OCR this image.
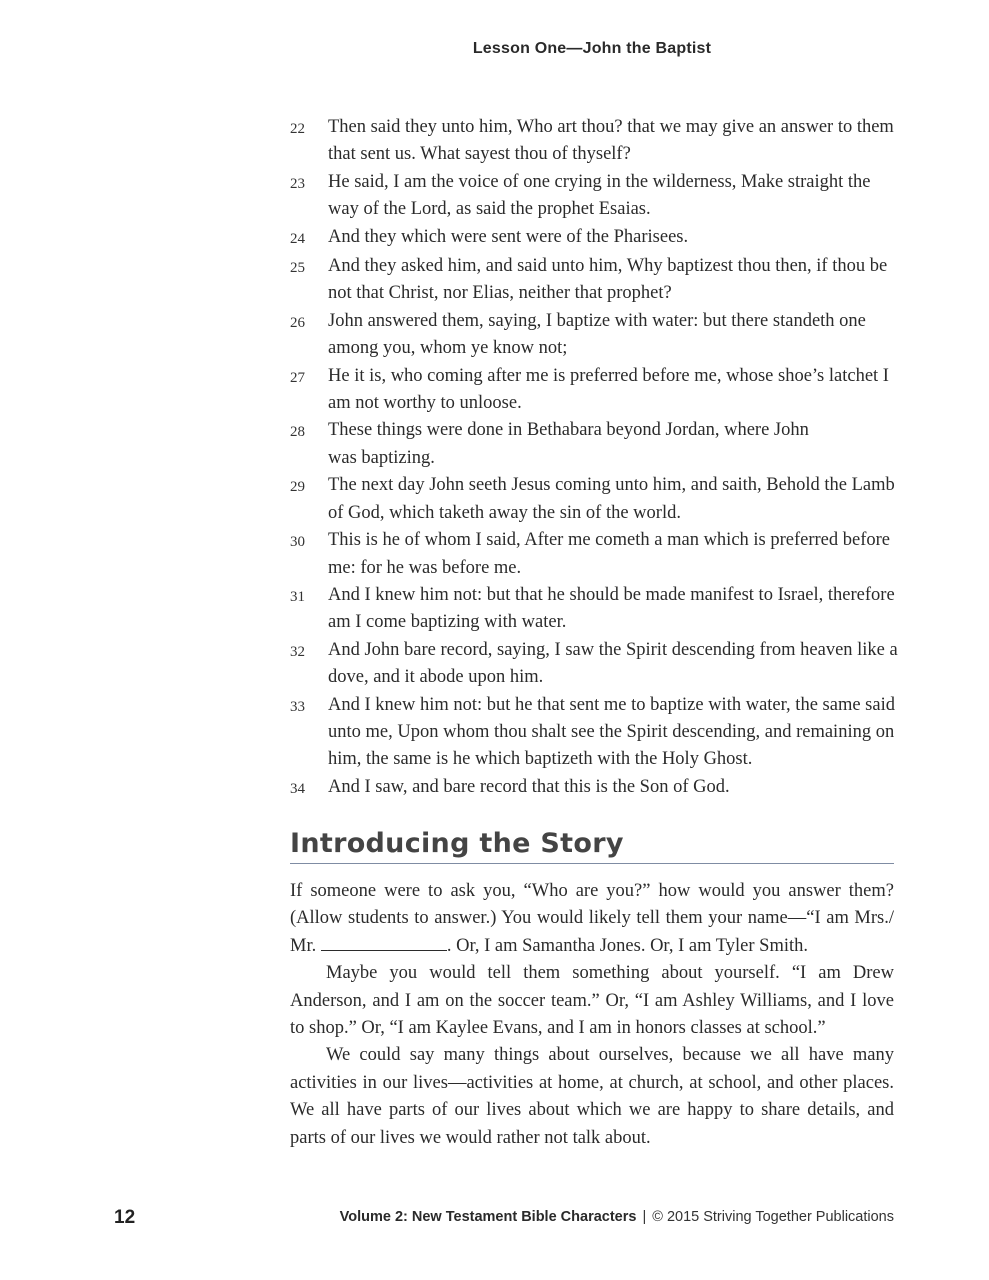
Lesson One—John the Baptist
22	Then said they unto him, Who art thou? that we may give an answer to them that sent us. What sayest thou of thyself?
23	He said, I am the voice of one crying in the wilderness, Make straight the way of the Lord, as said the prophet Esaias.
24	And they which were sent were of the Pharisees.
25	And they asked him, and said unto him, Why baptizest thou then, if thou be not that Christ, nor Elias, neither that prophet?
26	John answered them, saying, I baptize with water: but there standeth one among you, whom ye know not;
27	He it is, who coming after me is preferred before me, whose shoe’s latchet I am not worthy to unloose.
28	These things were done in Bethabara beyond Jordan, where John was baptizing.
29	The next day John seeth Jesus coming unto him, and saith, Behold the Lamb of God, which taketh away the sin of the world.
30	This is he of whom I said, After me cometh a man which is preferred before me: for he was before me.
31	And I knew him not: but that he should be made manifest to Israel, therefore am I come baptizing with water.
32	And John bare record, saying, I saw the Spirit descending from heaven like a dove, and it abode upon him.
33	And I knew him not: but he that sent me to baptize with water, the same said unto me, Upon whom thou shalt see the Spirit descending, and remaining on him, the same is he which baptizeth with the Holy Ghost.
34	And I saw, and bare record that this is the Son of God.
Introducing the Story

If someone were to ask you, “Who are you?” how would you answer them? (Allow students to answer.) You would likely tell them your name—“I am Mrs./ Mr.	. Or, I am Samantha Jones. Or, I am Tyler Smith.

Maybe you would tell them something about yourself. “I am Drew Anderson, and I am on the soccer team.” Or, “I am Ashley Williams, and I love to shop.” Or, “I am Kaylee Evans, and I am in honors classes at school.”

We could say many things about ourselves, because we all have many activities in our lives—activities at home, at church, at school, and other places. We all have parts of our lives about which we are happy to share details, and parts of our lives we would rather not talk about.

12	Volume 2: New Testament Bible Characters | © 2015 Striving Together Publications
